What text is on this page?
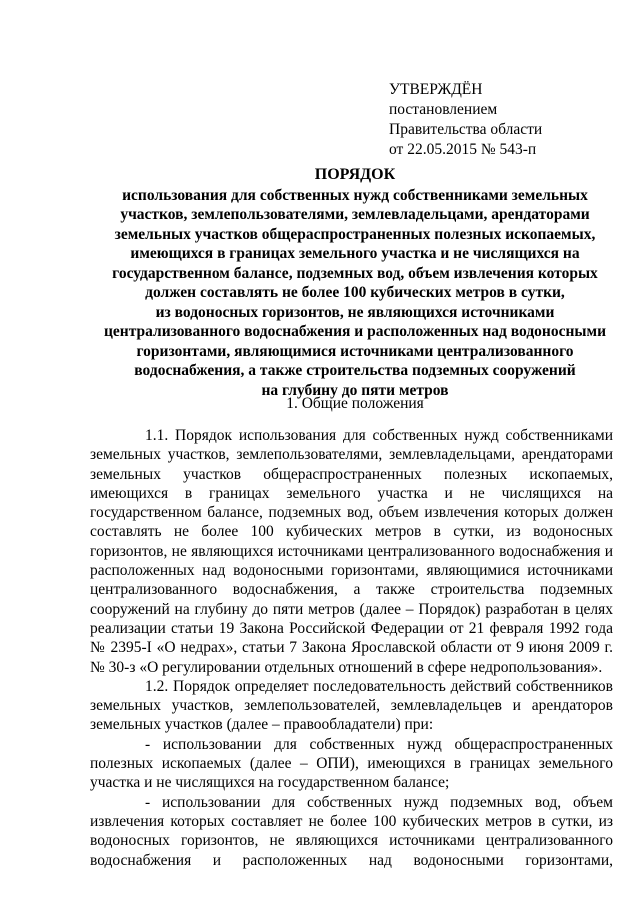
УТВЕРЖДЁН
постановлением
Правительства области
от 22.05.2015 № 543-п
ПОРЯДОК
использования для собственных нужд собственниками земельных
участков, землепользователями, землевладельцами, арендаторами
земельных участков общераспространенных полезных ископаемых,
имеющихся в границах земельного участка и не числящихся на
государственном балансе, подземных вод, объем извлечения которых
должен составлять не более 100 кубических метров в сутки,
из водоносных горизонтов, не являющихся источниками
централизованного водоснабжения и расположенных над водоносными
горизонтами, являющимися источниками централизованного
водоснабжения, а также строительства подземных сооружений
на глубину до пяти метров
1. Общие положения

1.1. Порядок использования для собственных нужд собственниками земельных участков, землепользователями, землевладельцами, арендаторами земельных участков общераспространенных полезных ископаемых, имеющихся в границах земельного участка и не числящихся на государственном балансе, подземных вод, объем извлечения которых должен составлять не более 100 кубических метров в сутки, из водоносных горизонтов, не являющихся источниками централизованного водоснабжения и расположенных над водоносными горизонтами, являющимися источниками централизованного водоснабжения, а также строительства подземных сооружений на глубину до пяти метров (далее – Порядок) разработан в целях реализации статьи 19 Закона Российской Федерации от 21 февраля 1992 года № 2395-I «О недрах», статьи 7 Закона Ярославской области от 9 июня 2009 г. № 30-з «О регулировании отдельных отношений в сфере недропользования».

1.2. Порядок определяет последовательность действий собственников земельных участков, землепользователей, землевладельцев и арендаторов земельных участков (далее – правообладатели) при:

- использовании для собственных нужд общераспространенных полезных ископаемых (далее – ОПИ), имеющихся в границах земельного участка и не числящихся на государственном балансе;

- использовании для собственных нужд подземных вод, объем извлечения которых составляет не более 100 кубических метров в сутки, из водоносных горизонтов, не являющихся источниками централизованного водоснабжения и расположенных над водоносными горизонтами,
